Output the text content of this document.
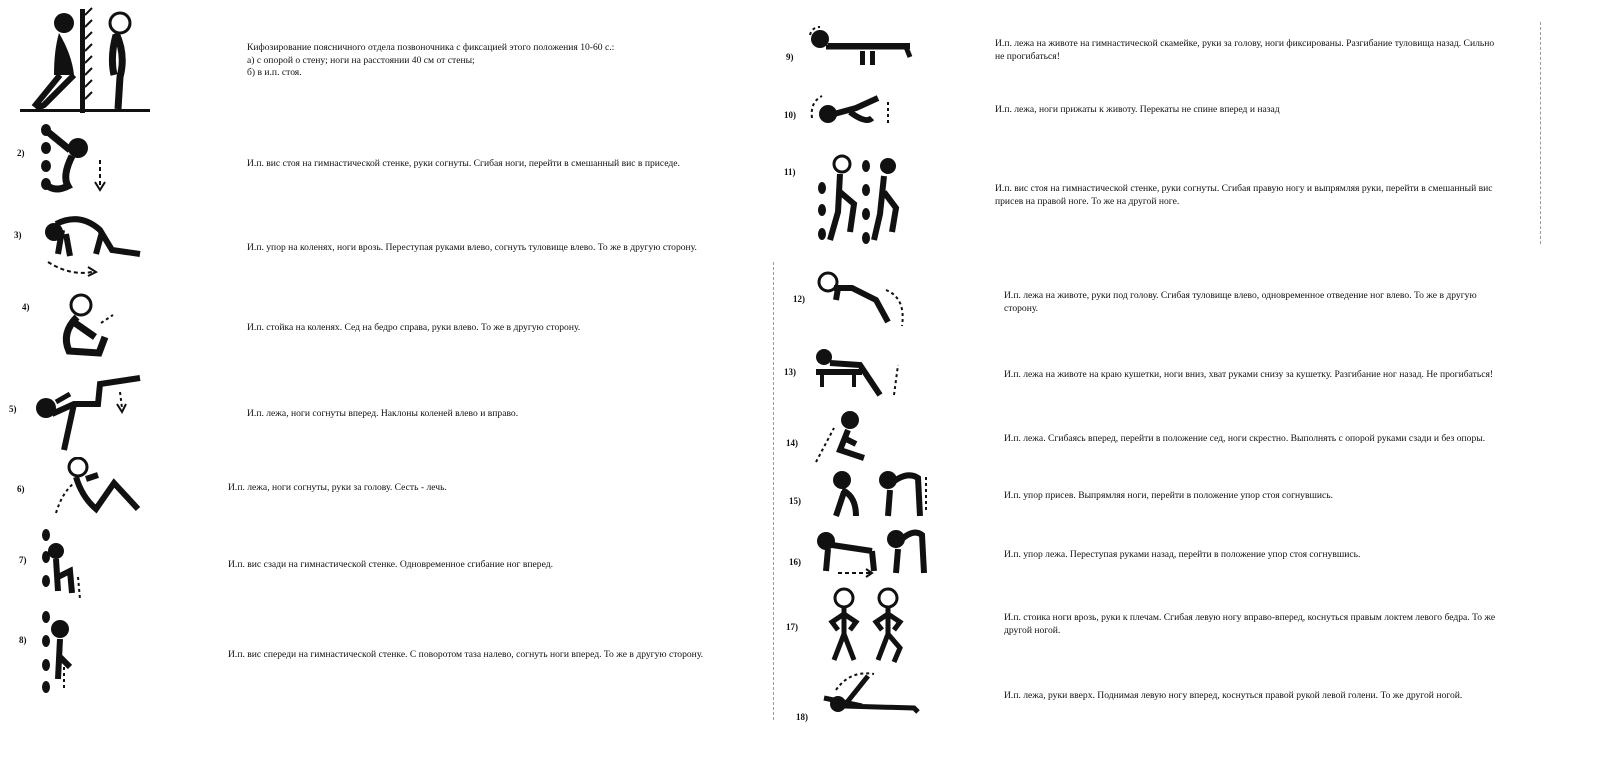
Кифозирование поясничного отдела позвоночника с фиксацией этого положения 10-60 с.:
а) с опорой о стену; ноги на расстоянии 40 см от стены;
б) в и.п. стоя.
2)
И.п. вис стоя на гимнастической стенке, руки согнуты. Сгибая ноги, перейти в смешанный вис в приседе.
3)
И.п. упор на коленях, ноги врозь. Переступая руками влево, согнуть туловище влево. То же в другую сторону.
4)
И.п. стойка на коленях. Сед на бедро справа, руки влево. То же в другую сторону.
5)	И.п. лежа, ноги согнуты вперед. Наклоны коленей влево и вправо.
6)	И.п. лежа, ноги согнуты, руки за голову. Сесть - лечь.
7)	И.п. вис сзади на гимнастической стенке. Одновременное сгибание ног вперед.
8)
И.п. вис спереди на гимнастической стенке. С поворотом таза налево, согнуть ноги вперед. То же в другую сторону.
9)
И.п. лежа на животе на гимнастической скамейке, руки за голову, ноги фиксированы. Разгибание туловища назад. Сильно
не прогибаться!
10)	И.п. лежа, ноги прижаты к животу. Перекаты не спине вперед и назад
11)
И.п. вис стоя на гимнастической стенке, руки согнуты. Сгибая правую ногу и выпрямляя руки, перейти в смешанный вис
присев на правой ноге. То же на другой ноге.
12)	И.п. лежа на животе, руки под голову. Сгибая туловище влево, одновременное отведение ног влево. То же в другую
сторону.
13)	И.п. лежа на животе на краю кушетки, ноги вниз, хват руками снизу за кушетку. Разгибание ног назад. Не прогибаться!
14)	И.п. лежа. Сгибаясь вперед, перейти в положение сед, ноги скрестно. Выполнять с опорой руками сзади и без опоры.
15)	И.п. упор присев. Выпрямляя ноги, перейти в положение упор стоя согнувшись.
16)
И.п. упор лежа. Переступая руками назад, перейти в положение упор стоя согнувшись.
17)
И.п. стоика ноги врозь, руки к плечам. Сгибая левую ногу вправо-вперед, коснуться правым локтем левого бедра. То же
другой ногой.
18)
И.п. лежа, руки вверх. Поднимая левую ногу вперед, коснуться правой рукой левой голени. То же другой ногой.
